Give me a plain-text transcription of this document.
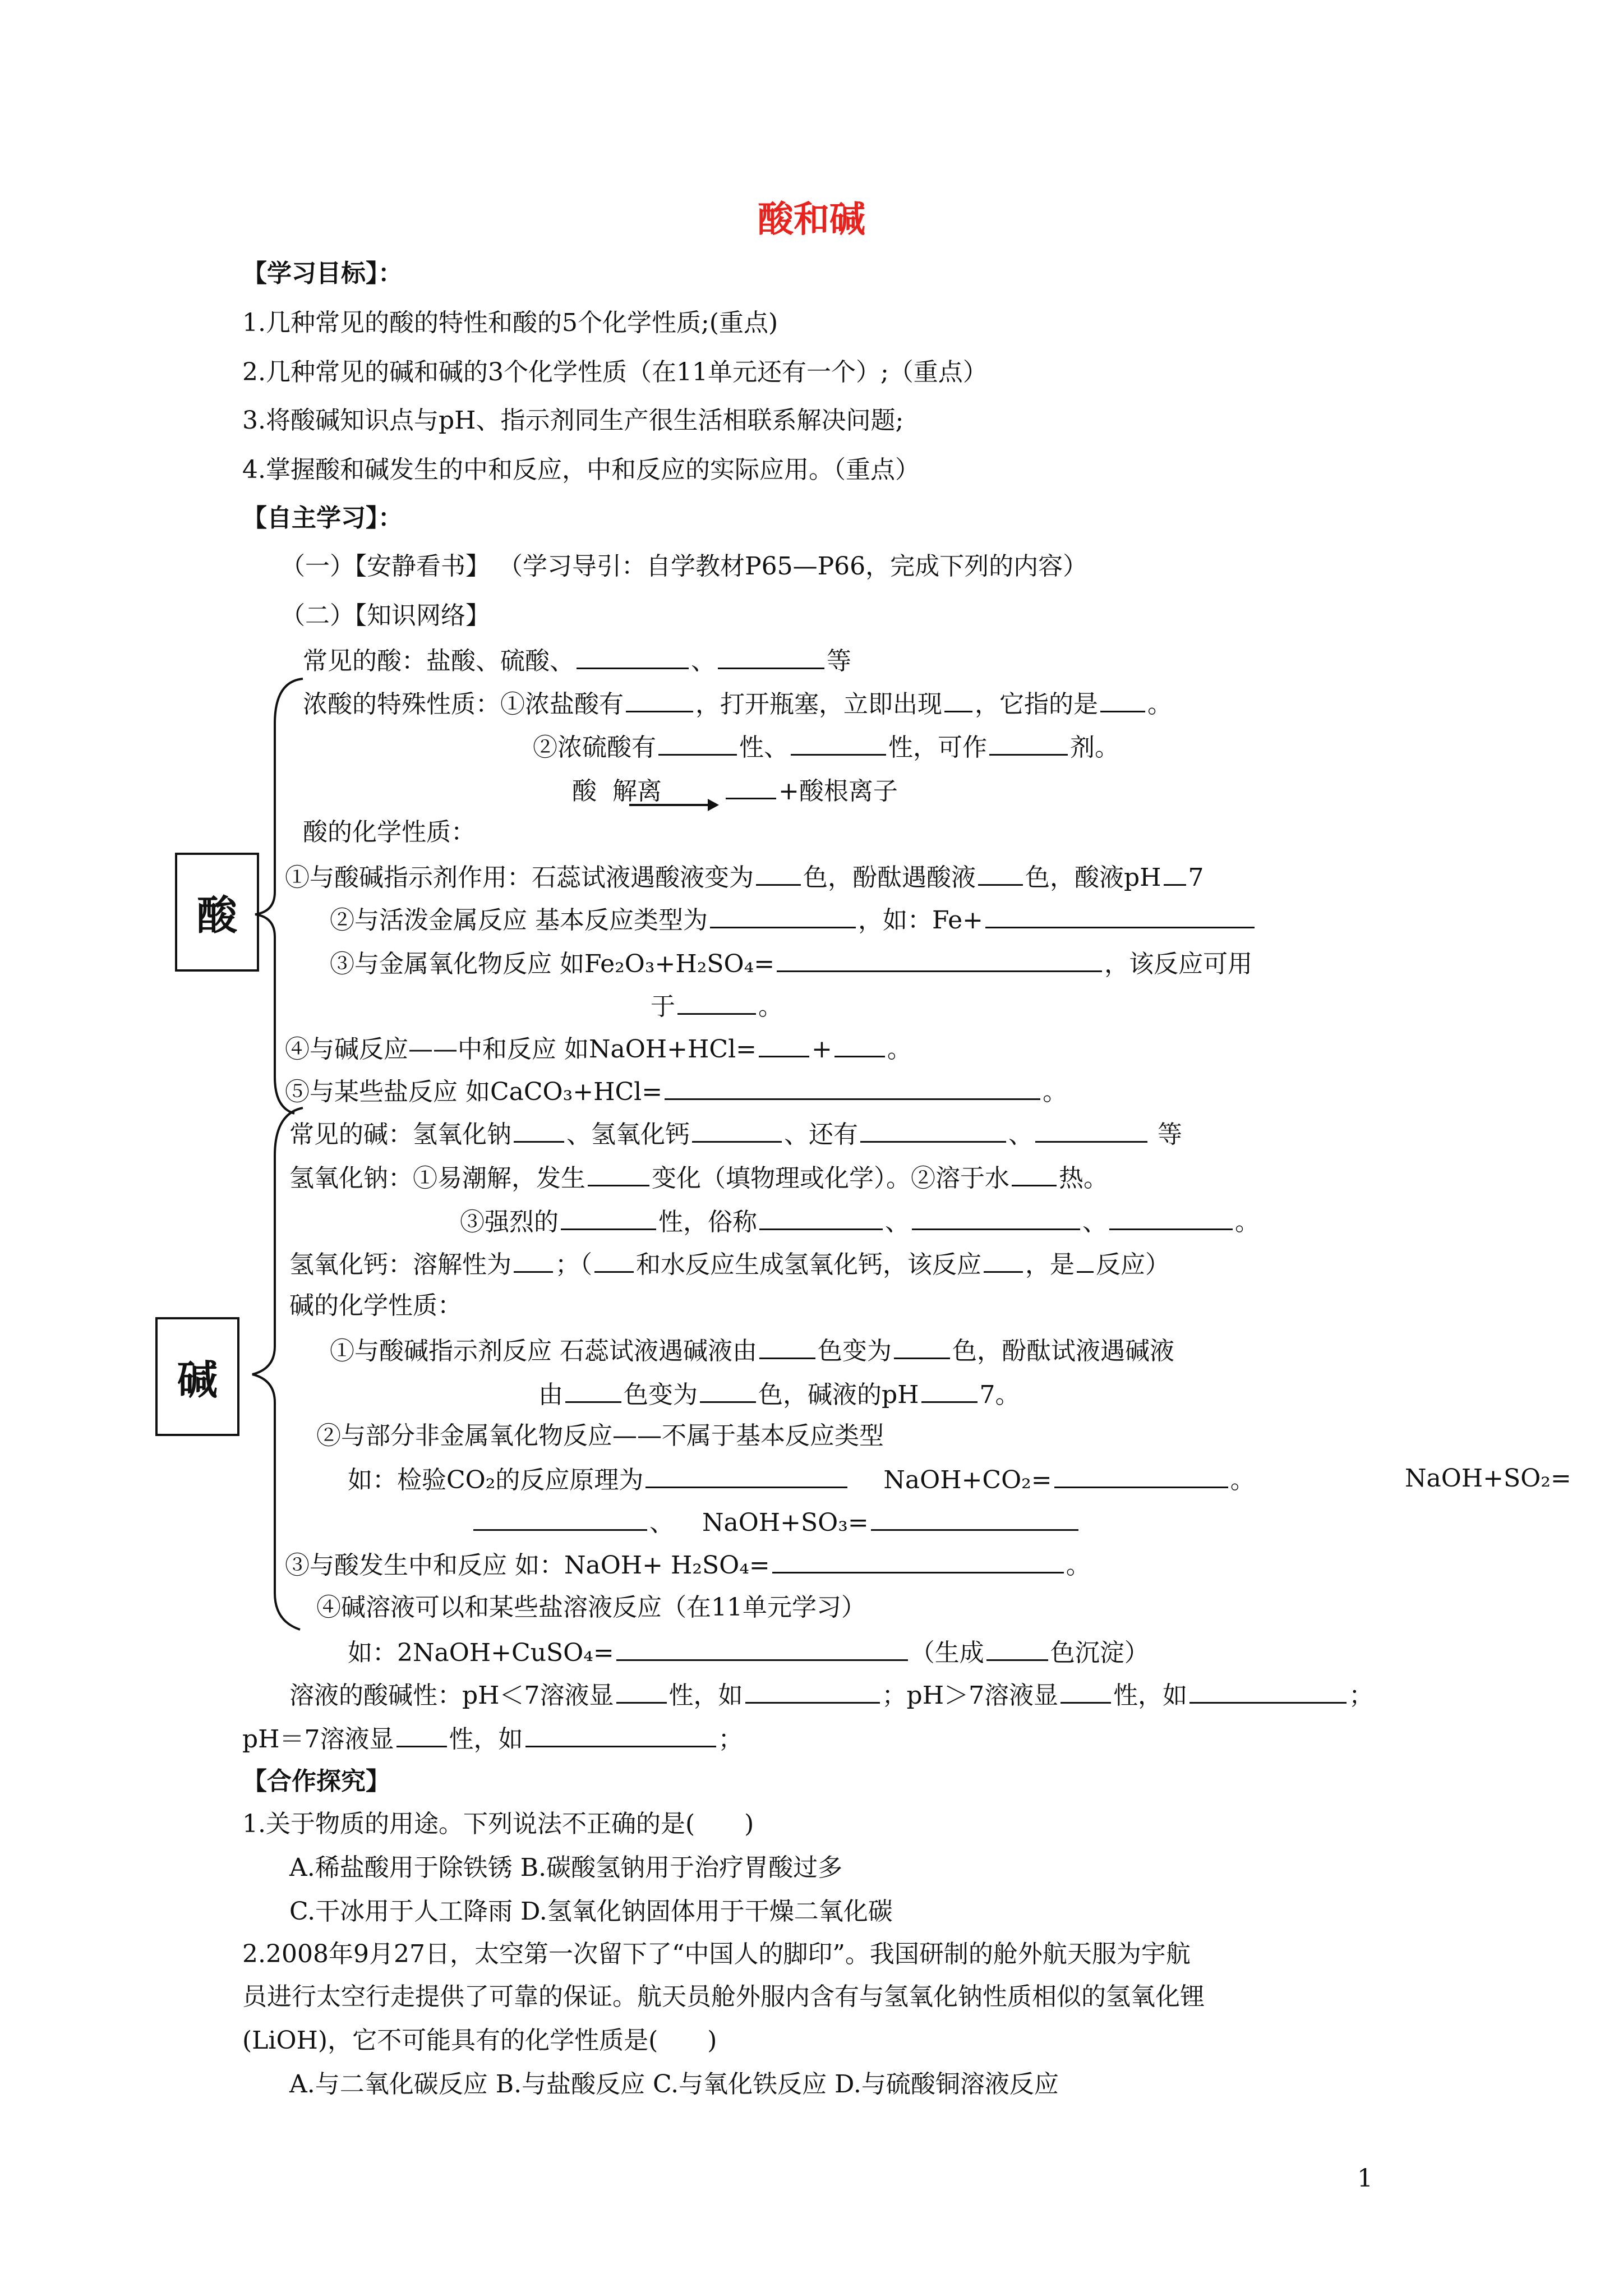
酸和碱
【学习目标】：
1.几种常见的酸的特性和酸的5个化学性质;(重点)
2.几种常见的碱和碱的3个化学性质（在11单元还有一个）;（重点）
3.将酸碱知识点与pH、指示剂同生产很生活相联系解决问题;
4.掌握酸和碱发生的中和反应，中和反应的实际应用。（重点）
【自主学习】：
（一）【安静看书】 （学习导引：自学教材P65—P66，完成下列的内容）
（二）【知识网络】
酸
碱
常见的酸：盐酸、硫酸、	、	等
浓酸的特殊性质：①浓盐酸有	，打开瓶塞，立即出现 ，它指的是 。
②浓硫酸有	性、	性，可作	剂。
酸 解离	+酸根离子
酸的化学性质：
①与酸碱指示剂作用：石蕊试液遇酸液变为 色，酚酞遇酸液 色，酸液pH 7
②与活泼金属反应 基本反应类型为	，如：Fe+
③与金属氧化物反应 如Fe₂O₃+H₂SO₄=	，该反应可用
于	。
④与碱反应——中和反应 如NaOH+HCl= + 。
⑤与某些盐反应 如CaCO₃+HCl=	。
常见的碱：氢氧化钠 、氢氧化钙	、还有	、	等
氢氧化钠：①易潮解，发生	变化（填物理或化学）。②溶于水 热。
③强烈的	性，俗称	、	、	。
氢氧化钙：溶解性为 ；（ 和水反应生成氢氧化钙，该反应 ，是 反应）
碱的化学性质：
①与酸碱指示剂反应 石蕊试液遇碱液由 色变为 色，酚酞试液遇碱液
由 色变为 色，碱液的pH 7。
②与部分非金属氧化物反应——不属于基本反应类型
如：检验CO₂的反应原理为	NaOH+CO₂=	。	NaOH+SO₂=
、 NaOH+SO₃=
③与酸发生中和反应 如：NaOH+ H₂SO₄=	。
④碱溶液可以和某些盐溶液反应（在11单元学习）
如：2NaOH+CuSO₄=	（生成	色沉淀）
溶液的酸碱性：pH＜7溶液显 性，如	；pH＞7溶液显 性，如	；
pH＝7溶液显 性，如	；
【合作探究】
1.关于物质的用途。下列说法不正确的是(　　)
A.稀盐酸用于除铁锈 B.碳酸氢钠用于治疗胃酸过多
C.干冰用于人工降雨 D.氢氧化钠固体用于干燥二氧化碳
2.2008年9月27日，太空第一次留下了“中国人的脚印”。我国研制的舱外航天服为宇航
员进行太空行走提供了可靠的保证。航天员舱外服内含有与氢氧化钠性质相似的氢氧化锂
(LiOH)，它不可能具有的化学性质是(　　)
A.与二氧化碳反应 B.与盐酸反应 C.与氧化铁反应 D.与硫酸铜溶液反应
1
